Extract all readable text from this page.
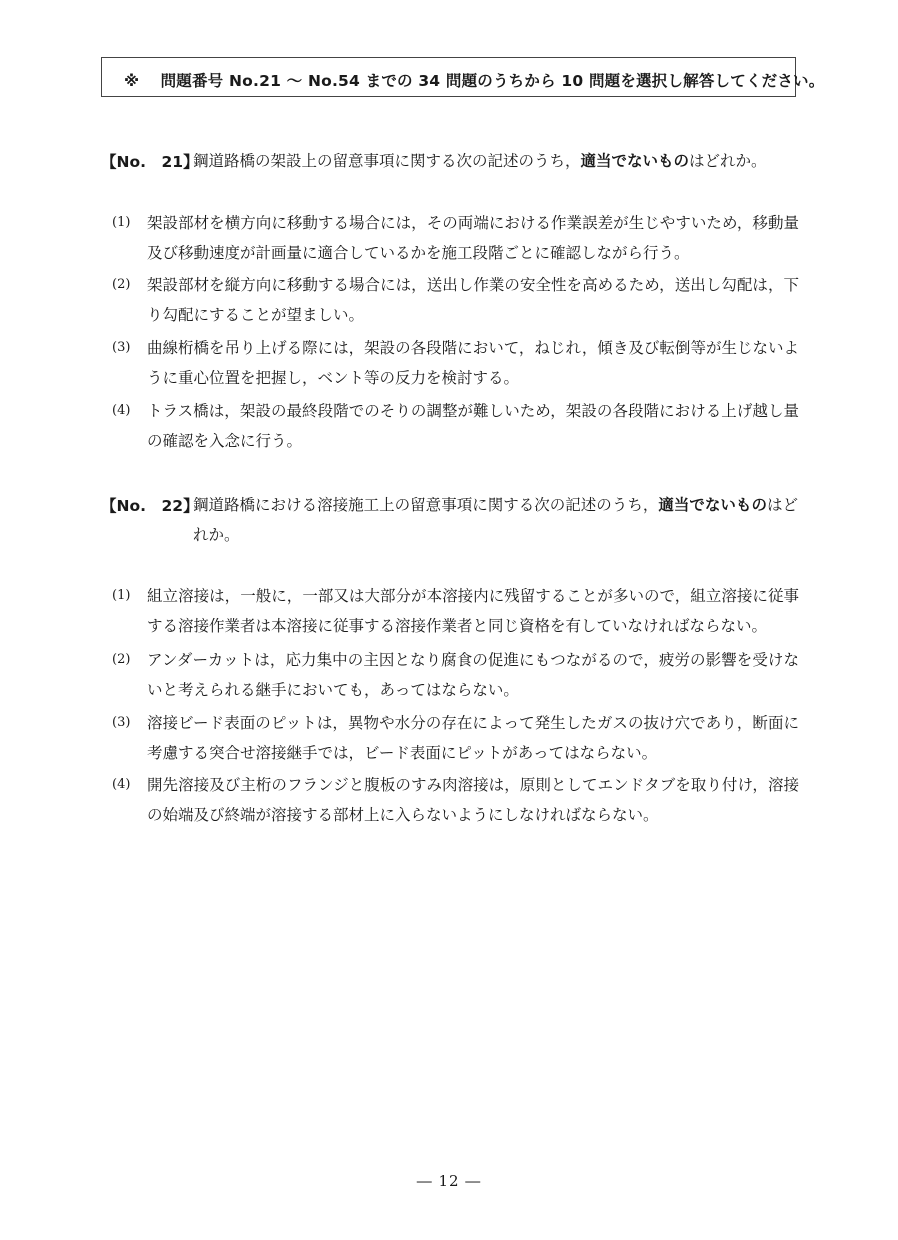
※　 問題番号 No.21 ～ No.54 までの 34 問題のうちから 10 問題を選択し解答してください。
【No.　21】
鋼道路橋の架設上の留意事項に関する次の記述のうち，適当でないものはどれか。
(1) 架設部材を横方向に移動する場合には，その両端における作業誤差が生じやすいため，移動量及び移動速度が計画量に適合しているかを施工段階ごとに確認しながら行う。
(2) 架設部材を縦方向に移動する場合には，送出し作業の安全性を高めるため，送出し勾配は，下り勾配にすることが望ましい。
(3) 曲線桁橋を吊り上げる際には，架設の各段階において，ねじれ，傾き及び転倒等が生じないように重心位置を把握し，ベント等の反力を検討する。
(4) トラス橋は，架設の最終段階でのそりの調整が難しいため，架設の各段階における上げ越し量の確認を入念に行う。
【No.　22】
鋼道路橋における溶接施工上の留意事項に関する次の記述のうち，適当でないものはどれか。
(1) 組立溶接は，一般に，一部又は大部分が本溶接内に残留することが多いので，組立溶接に従事する溶接作業者は本溶接に従事する溶接作業者と同じ資格を有していなければならない。
(2) アンダーカットは，応力集中の主因となり腐食の促進にもつながるので，疲労の影響を受けないと考えられる継手においても，あってはならない。
(3) 溶接ビード表面のピットは，異物や水分の存在によって発生したガスの抜け穴であり，断面に考慮する突合せ溶接継手では，ビード表面にピットがあってはならない。
(4) 開先溶接及び主桁のフランジと腹板のすみ肉溶接は，原則としてエンドタブを取り付け，溶接の始端及び終端が溶接する部材上に入らないようにしなければならない。
― 12 ―
